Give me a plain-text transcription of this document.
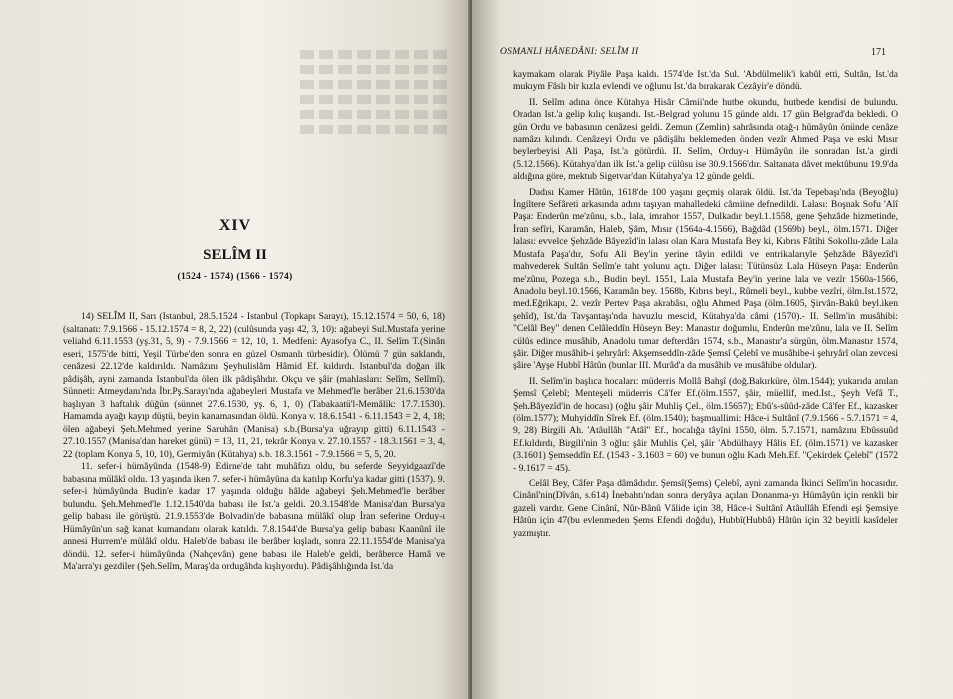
XIV
SELÎM II
(1524 - 1574) (1566 - 1574)

14) SELÎM II, Sarı (Istanbul, 28.5.1524 - Istanbul (Topkapı Sarayı), 15.12.1574 = 50, 6, 18) (saltanatı: 7.9.1566 - 15.12.1574 = 8, 2, 22) (culûsunda yaşı 42, 3, 10): ağabeyi Sul.Mustafa yerine veliahd 6.11.1553 (yş.31, 5, 9) - 7.9.1566 = 12, 10, 1. Medfeni: Ayasofya C., II. Selîm T.(Sinân eseri, 1575'de bitti, Yeşil Türbe'den sonra en güzel Osmanlı türbesidir). Ölümü 7 gün saklandı, cenâzesi 22.12'de kaldırıldı. Namâzını Şeyhulislâm Hâmid Ef. kıldırdı. Istanbul'da doğan ilk pâdişâh, ayni zamanda Istanbul'da ölen ilk pâdişâhdır. Okçu ve şâir (mahlasları: Selîm, Selîmî). Sünneti: Atmeydanı'nda İbr.Pş.Sarayı'nda ağabeyleri Mustafa ve Mehmed'le berâber 21.6.1530'da başlıyan 3 haftalık düğün (sünnet 27.6.1530, yş. 6, 1, 0) (Tabakaatü'l-Memâlik: 17.7.1530). Hamamda ayağı kayıp düştü, beyin kanamasından öldü. Konya v. 18.6.1541 - 6.11.1543 = 2, 4, 18; ölen ağabeyi Şeh.Mehmed yerine Saruhân (Manisa) s.b.(Bursa'ya uğrayıp gitti) 6.11.1543 - 27.10.1557 (Manisa'dan hareket günü) = 13, 11, 21, tekrâr Konya v. 27.10.1557 - 18.3.1561 = 3, 4, 22 (toplam Konya 5, 10, 10), Germiyân (Kütahya) s.b. 18.3.1561 - 7.9.1566 = 5, 5, 20.

11. sefer-i hümâyûnda (1548-9) Edirne'de taht muhâfızı oldu, bu seferde Seyyidgaazî'de babasına mülâkî oldu. 13 yaşında iken 7. sefer-i hümâyûna da katılıp Korfu'ya kadar gitti (1537). 9. sefer-i hümâyûnda Budin'e kadar 17 yaşında olduğu hâlde ağabeyi Şeh.Mehmed'le berâber bulundu. Şeh.Mehmed'le 1.12.1540'da babası ile Ist.'a geldi. 20.3.1548'de Manisa'dan Bursa'ya gelip babası ile görüştü. 21.9.1553'de Bolvadin'de babasına mülâkî olup İran seferine Orduy-ı Hümâyûn'un sağ kanat kumandanı olarak katıldı. 7.8.1544'de Bursa'ya gelip babası Kaanûnî ile annesi Hurrem'e mülâkî oldu. Haleb'de babası ile berâber kışladı, sonra 22.11.1554'de Manisa'ya döndü. 12. sefer-i hümâyûnda (Nahçevân) gene babası ile Haleb'e geldi, berâberce Hamâ ve Ma'arra'yı gezdiler (Şeh.Selîm, Maraş'da ordugâhda kışlıyordu). Pâdişâhlığında Ist.'da

OSMANLI HÂNEDÂNI: SELÎM II	171

kaymakam olarak Piyâle Paşa kaldı. 1574'de Ist.'da Sul. 'Abdülmelik'i kabûl etti, Sultân, Ist.'da mukıym Fâslı bir kızla evlendi ve oğlunu Ist.'da bırakarak Cezâyir'e döndü.

II. Selîm adına önce Kütahya Hisâr Câmii'nde hutbe okundu, hutbede kendisi de bulundu. Oradan Ist.'a gelip kılıç kuşandı. Ist.-Belgrad yolunu 15 günde aldı. 17 gün Belgrad'da bekledi. O gün Ordu ve babasının cenâzesi geldi. Zemun (Zemlin) sahrâsında otağ-ı hümâyûn önünde cenâze namâzı kılındı. Cenâzeyi Ordu ve pâdişâhı beklemeden önden vezîr Ahmed Paşa ve eski Mısır beylerbeyisi Ali Paşa, Ist.'a götürdü. II. Selîm, Orduy-ı Hümâyûn ile sonradan Ist.'a girdi (5.12.1566). Kütahya'dan ilk Ist.'a gelip cülûsu ise 30.9.1566'dır. Saltanata dâvet mektûbunu 19.9'da aldığına göre, mektub Sigetvar'dan Kütahya'ya 12 günde geldi.

Dadısı Kamer Hâtûn, 1618'de 100 yaşını geçmiş olarak öldü. Ist.'da Tepebaşı'nda (Beyoğlu) İngiltere Sefâreti arkasında adını taşıyan mahalledeki câmiine defnedildi. Lalası: Boşnak Sofu 'Alî Paşa: Enderûn me'zûnu, s.b., lala, imrahor 1557, Dulkadır beyl.1.1558, gene Şehzâde hizmetinde, İran sefîri, Karamân, Haleb, Şâm, Mısır (1564a-4.1566), Bağdâd (1569b) beyl., ölm.1571. Diğer lalası: evvelce Şehzâde Bâyezîd'in lalası olan Kara Mustafa Bey ki, Kıbrıs Fâtihi Sokollu-zâde Lala Mustafa Paşa'dır, Sofu Ali Bey'in yerine tâyin edildi ve entrikalarıyle Şehzâde Bâyezîd'i mahvederek Sultân Selîm'e taht yolunu açtı. Diğer lalası: Tütünsüz Lala Hüseyn Paşa: Enderûn me'zûnu, Pozega s.b., Budin beyl. 1551, Lala Mustafa Bey'in yerine lala ve vezîr 1560a-1566, Anadolu beyl.10.1566, Karamân bey. 1568b, Kıbrıs beyl., Rûmeli beyl., kubbe vezîri, ölm.Ist.1572, med.Eğrikapı, 2. vezîr Pertev Paşa akrabâsı, oğlu Ahmed Paşa (ölm.1605, Şirvân-Bakû beyl.iken şehîd), Ist.'da Tavşantaşı'nda havuzlu mescid, Kütahya'da câmi (1570).- II. Selîm'in musâhibi: "Celâl Bey" denen Celâleddîn Hüseyn Bey: Manastır doğumlu, Enderûn me'zûnu, lala ve II. Selîm cülûs edince musâhib, Anadolu tımar defterdârı 1574, s.b., Manastır'a sürgün, ölm.Manastır 1574, şâir. Diğer musâhib-i şehryârî: Akşemseddîn-zâde Şemsî Çelebî ve musâhibe-i şehryârî olan zevcesi şâire 'Ayşe Hubbî Hâtûn (bunlar III. Murâd'a da musâhib ve musâhibe oldular).

II. Selîm'in başlıca hocaları: müderris Mollâ Bahşî (doğ.Bakırküre, ölm.1544); yukarıda anılan Şemsî Çelebî; Menteşeli müderris Câ'fer Ef.(ölm.1557, şâir, müellif, med.Ist., Şeyh Vefâ T., Şeh.Bâyezîd'in de hocası) (oğlu şâir Muhliş Çel., ölm.15657); Ebû's-sûûd-zâde Câ'fer Ef., kazasker (ölm.1577); Muhyiddîn Sîrek Ef. (ölm.1540); başmuallimi: Hâce-i Sultânî (7.9.1566 - 5.7.1571 = 4, 9, 28) Birgili Ah. 'Atâullâh "Atâî" Ef., hocalığa tâyîni 1550, ölm. 5.7.1571, namâzını Ebûssuûd Ef.kıldırdı, Birgili'nin 3 oğlu: şâir Muhlis Çel, şâir 'Abdülhayy Hâlis Ef. (ölm.1571) ve kazasker (3.1601) Şemseddîn Ef. (1543 - 3.1603 = 60) ve bunun oğlu Kadı Meh.Ef. "Çekirdek Çelebî" (1572 - 9.1617 = 45).

Celâl Bey, Câfer Paşa dâmâdıdır. Şemsî(Şems) Çelebî, ayni zamanda İkinci Selîm'in hocasıdır. Cinânî'nin(Dîvân, s.614) İnebahtı'ndan sonra deryâya açılan Donanma-yı Hümâyûn için renkli bir gazeli vardır. Gene Cinânî, Nûr-Bânû Vâlide için 38, Hâce-i Sultânî Atâullâh Efendi eşi Şemsiye Hâtûn için 47(bu evlenmeden Şems Efendi doğdu), Hubbî(Hubbâ) Hâtûn için 32 beyitli kasîdeler yazmıştır.
